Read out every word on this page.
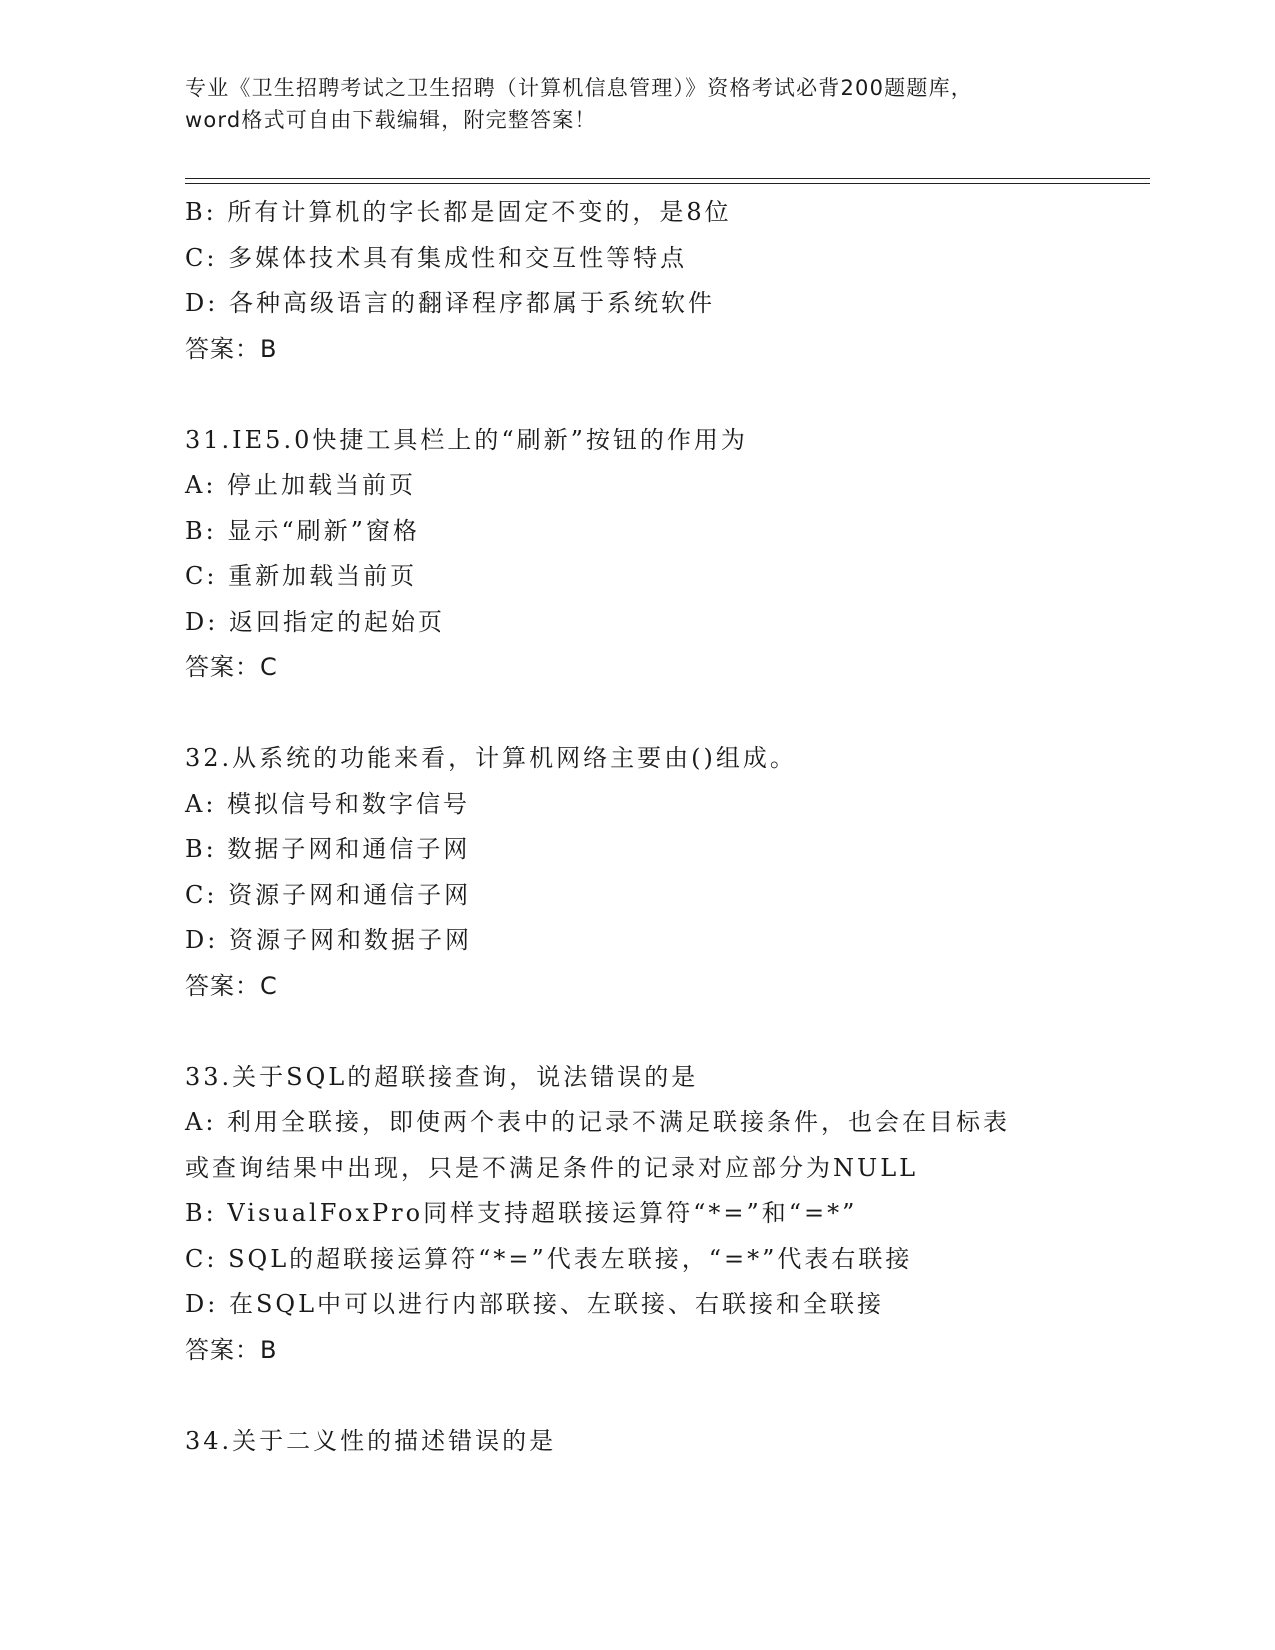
专业《卫生招聘考试之卫生招聘（计算机信息管理）》资格考试必背200题题库，
word格式可自由下载编辑，附完整答案！
B: 所有计算机的字长都是固定不变的，是8位
C: 多媒体技术具有集成性和交互性等特点
D: 各种高级语言的翻译程序都属于系统软件
答案：B
31.IE5.0快捷工具栏上的“刷新”按钮的作用为
A: 停止加载当前页
B: 显示“刷新”窗格
C: 重新加载当前页
D: 返回指定的起始页
答案：C
32.从系统的功能来看，计算机网络主要由()组成。
A: 模拟信号和数字信号
B: 数据子网和通信子网
C: 资源子网和通信子网
D: 资源子网和数据子网
答案：C
33.关于SQL的超联接查询，说法错误的是
A: 利用全联接，即使两个表中的记录不满足联接条件，也会在目标表
或查询结果中出现，只是不满足条件的记录对应部分为NULL
B: VisualFoxPro同样支持超联接运算符“*=”和“=*”
C: SQL的超联接运算符“*=”代表左联接，“=*”代表右联接
D: 在SQL中可以进行内部联接、左联接、右联接和全联接
答案：B
34.关于二义性的描述错误的是
